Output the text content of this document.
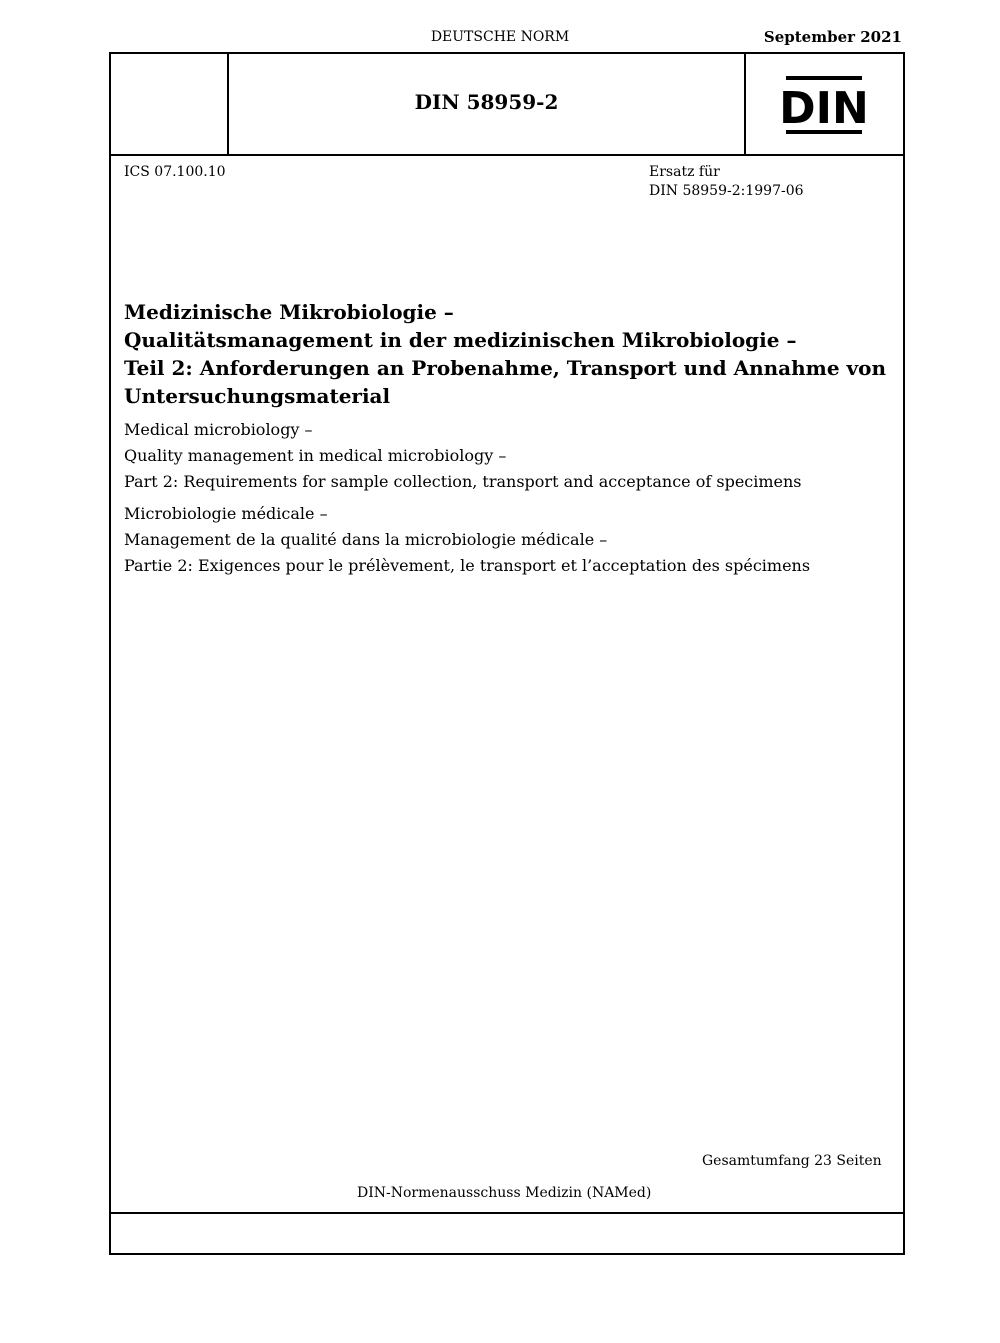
DEUTSCHE NORM	September 2021
DIN 58959-2	DIN
ICS 07.100.10	Ersatz für
DIN 58959-2:1997-06
Medizinische Mikrobiologie –
Qualitätsmanagement in der medizinischen Mikrobiologie –
Teil 2: Anforderungen an Probenahme, Transport und Annahme von
Untersuchungsmaterial
Medical microbiology –
Quality management in medical microbiology –
Part 2: Requirements for sample collection, transport and acceptance of specimens
Microbiologie médicale –
Management de la qualité dans la microbiologie médicale –
Partie 2: Exigences pour le prélèvement, le transport et l’acceptation des spécimens
Gesamtumfang 23 Seiten
DIN-Normenausschuss Medizin (NAMed)
